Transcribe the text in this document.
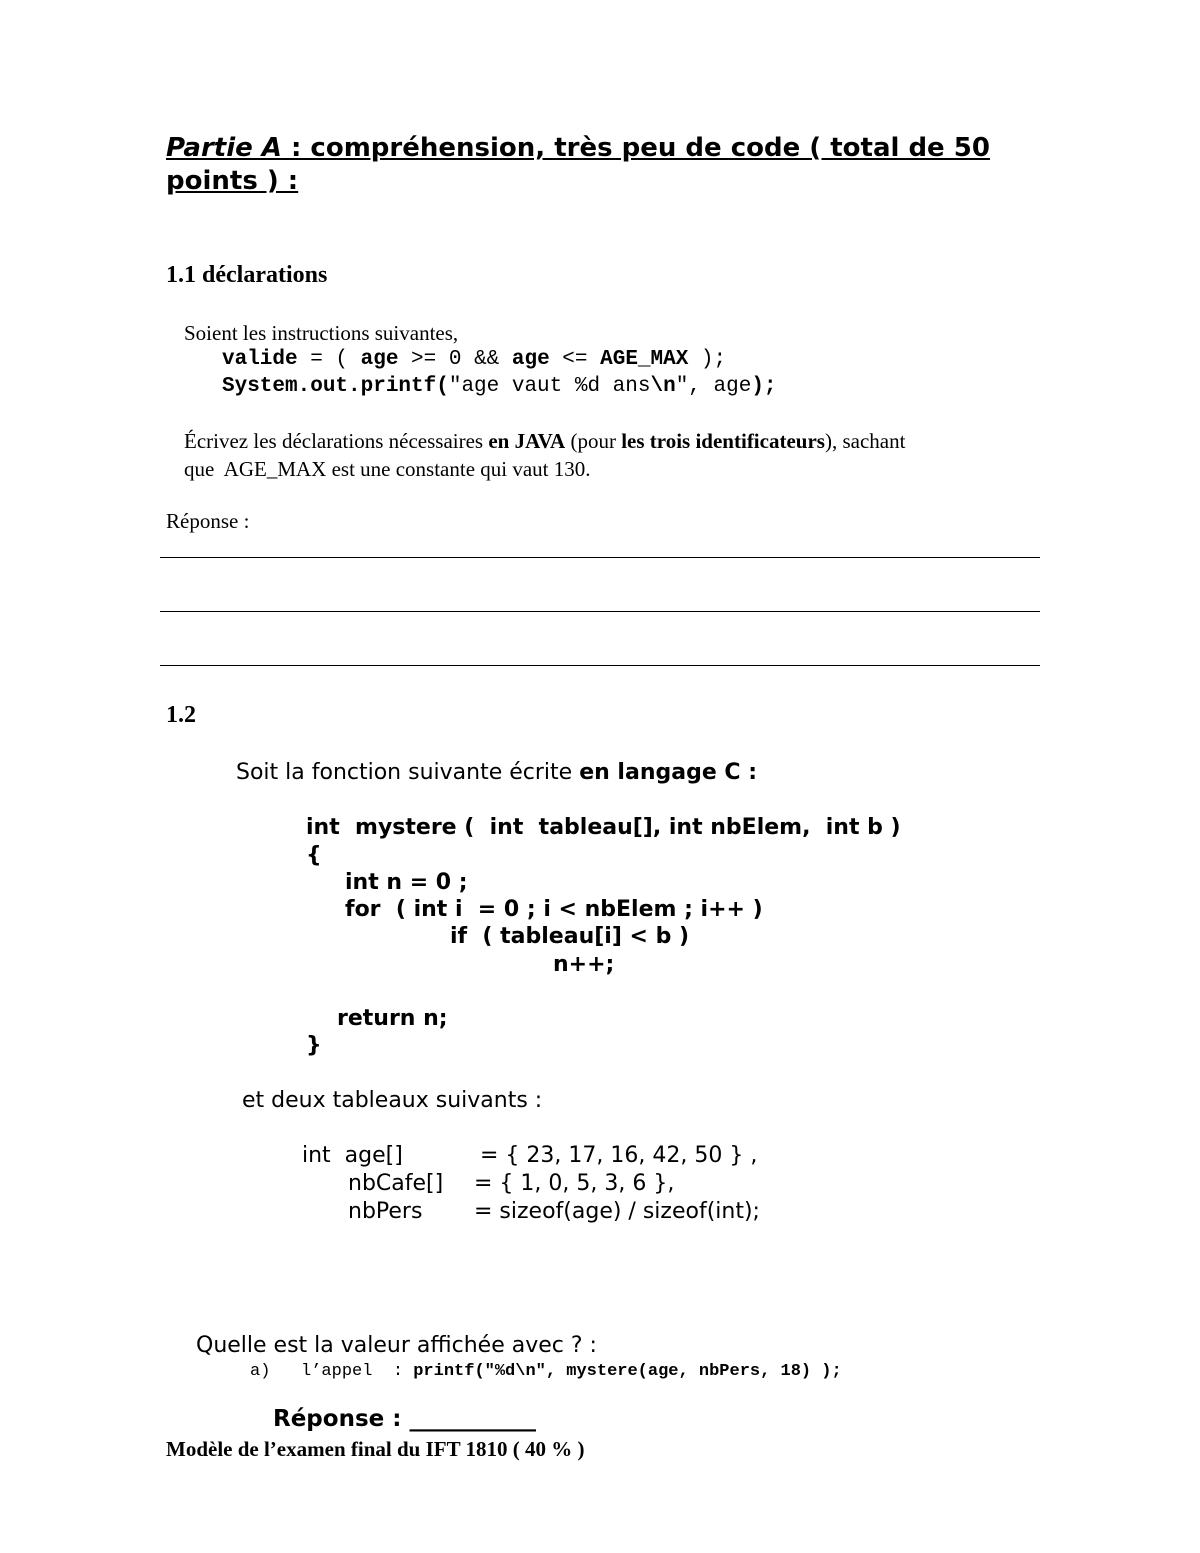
Partie A : compréhension, très peu de code ( total de 50 points ) :
1.1 déclarations
Soient les instructions suivantes,
valide = ( age >= 0 && age <= AGE_MAX );
System.out.printf("age vaut %d ans\n", age);
Écrivez les déclarations nécessaires en JAVA (pour les trois identificateurs), sachant
que  AGE_MAX est une constante qui vaut 130.
Réponse :
1.2
Soit la fonction suivante écrite en langage C :
int  mystere (  int  tableau[], int nbElem,  int b )
{
int n = 0 ;
for  ( int i  = 0 ; i < nbElem ; i++ )
if  ( tableau[i] < b )
n++;
return n;
}
et deux tableaux suivants :
int  age[]	= { 23, 17, 16, 42, 50 } ,
nbCafe[] = { 1, 0, 5, 3, 6 },
nbPers = sizeof(age) / sizeof(int);
Quelle est la valeur affichée avec ? :
a) l’appel  : printf("%d\n", mystere(age, nbPers, 18) );
Réponse : ___________
Modèle de l’examen final du IFT 1810 ( 40 % )
